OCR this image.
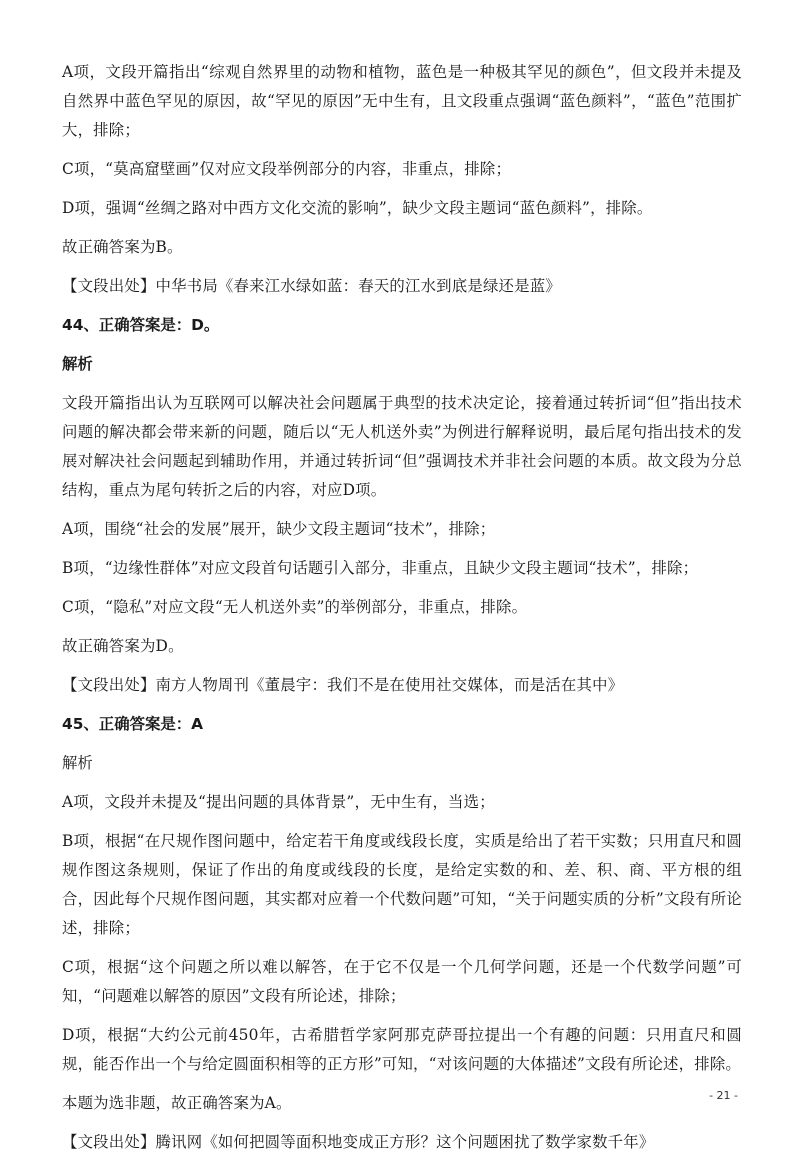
A项，文段开篇指出“综观自然界里的动物和植物，蓝色是一种极其罕见的颜色”，但文段并未提及自然界中蓝色罕见的原因，故“罕见的原因”无中生有，且文段重点强调“蓝色颜料”，“蓝色”范围扩大，排除；
C项，“莫高窟壁画”仅对应文段举例部分的内容，非重点，排除；
D项，强调“丝绸之路对中西方文化交流的影响”，缺少文段主题词“蓝色颜料”，排除。
故正确答案为B。
【文段出处】中华书局《春来江水绿如蓝：春天的江水到底是绿还是蓝》
44、正确答案是：D。
解析
文段开篇指出认为互联网可以解决社会问题属于典型的技术决定论，接着通过转折词“但”指出技术问题的解决都会带来新的问题，随后以“无人机送外卖”为例进行解释说明，最后尾句指出技术的发展对解决社会问题起到辅助作用，并通过转折词“但”强调技术并非社会问题的本质。故文段为分总结构，重点为尾句转折之后的内容，对应D项。
A项，围绕“社会的发展”展开，缺少文段主题词“技术”，排除；
B项，“边缘性群体”对应文段首句话题引入部分，非重点，且缺少文段主题词“技术”，排除；
C项，“隐私”对应文段“无人机送外卖”的举例部分，非重点，排除。
故正确答案为D。
【文段出处】南方人物周刊《董晨宇：我们不是在使用社交媒体，而是活在其中》
45、正确答案是：A
解析
A项，文段并未提及“提出问题的具体背景”，无中生有，当选；
B项，根据“在尺规作图问题中，给定若干角度或线段长度，实质是给出了若干实数；只用直尺和圆规作图这条规则，保证了作出的角度或线段的长度，是给定实数的和、差、积、商、平方根的组合，因此每个尺规作图问题，其实都对应着一个代数问题”可知，“关于问题实质的分析”文段有所论述，排除；
C项，根据“这个问题之所以难以解答，在于它不仅是一个几何学问题，还是一个代数学问题”可知，“问题难以解答的原因”文段有所论述，排除；
D项，根据“大约公元前450年，古希腊哲学家阿那克萨哥拉提出一个有趣的问题：只用直尺和圆规，能否作出一个与给定圆面积相等的正方形”可知，“对该问题的大体描述”文段有所论述，排除。
本题为选非题，故正确答案为A。
【文段出处】腾讯网《如何把圆等面积地变成正方形？这个问题困扰了数学家数千年》
- 21 -
